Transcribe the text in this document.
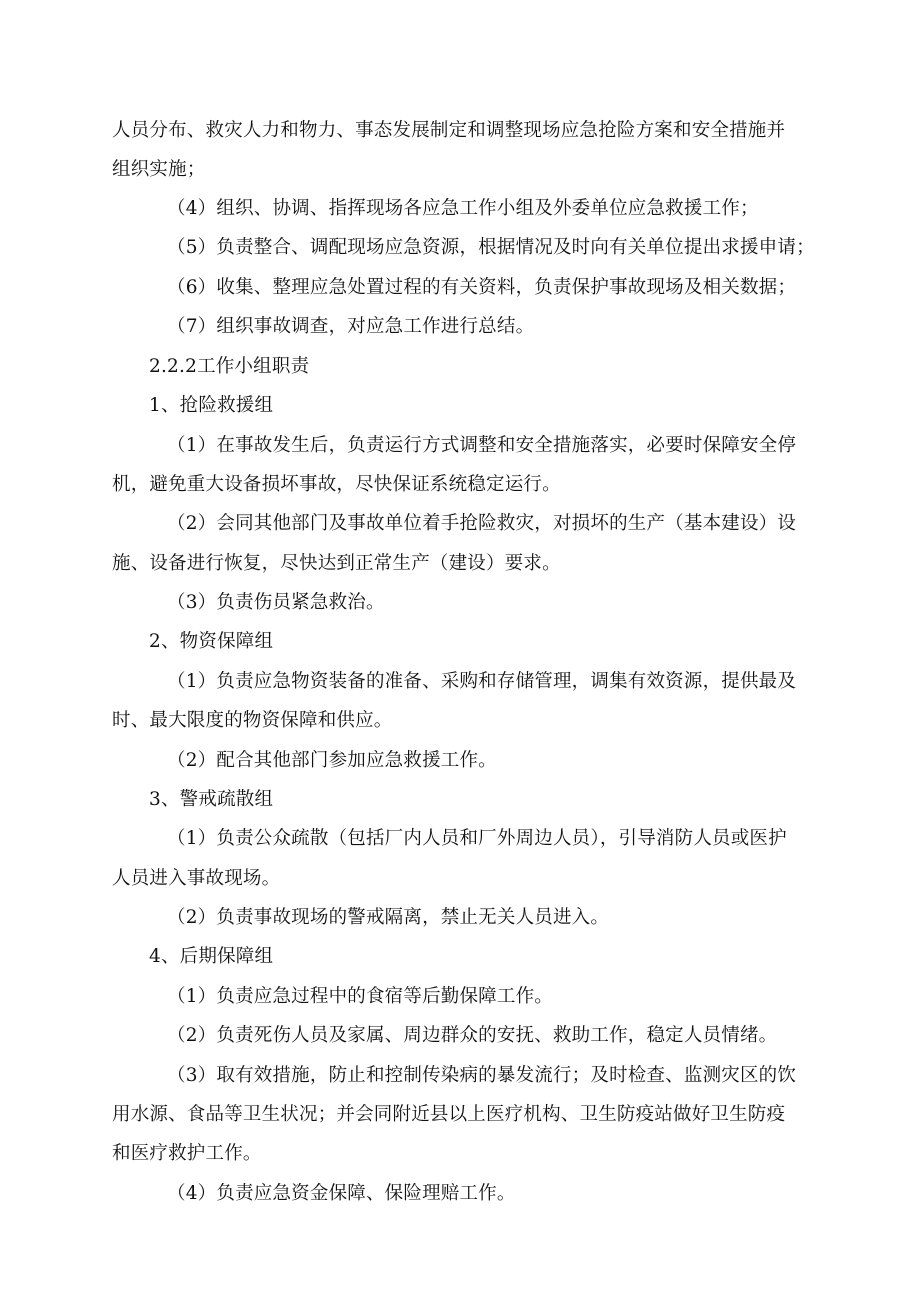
人员分布、救灾人力和物力、事态发展制定和调整现场应急抢险方案和安全措施并
组织实施；
（4）组织、协调、指挥现场各应急工作小组及外委单位应急救援工作；
（5）负责整合、调配现场应急资源，根据情况及时向有关单位提出求援申请；
（6）收集、整理应急处置过程的有关资料，负责保护事故现场及相关数据；
（7）组织事故调查，对应急工作进行总结。
2.2.2工作小组职责
1、抢险救援组
（1）在事故发生后，负责运行方式调整和安全措施落实，必要时保障安全停
机，避免重大设备损坏事故，尽快保证系统稳定运行。
（2）会同其他部门及事故单位着手抢险救灾，对损坏的生产（基本建设）设
施、设备进行恢复，尽快达到正常生产（建设）要求。
（3）负责伤员紧急救治。
2、物资保障组
（1）负责应急物资装备的准备、采购和存储管理，调集有效资源，提供最及
时、最大限度的物资保障和供应。
（2）配合其他部门参加应急救援工作。
3、警戒疏散组
（1）负责公众疏散（包括厂内人员和厂外周边人员），引导消防人员或医护
人员进入事故现场。
（2）负责事故现场的警戒隔离，禁止无关人员进入。
4、后期保障组
（1）负责应急过程中的食宿等后勤保障工作。
（2）负责死伤人员及家属、周边群众的安抚、救助工作，稳定人员情绪。
（3）取有效措施，防止和控制传染病的暴发流行；及时检查、监测灾区的饮
用水源、食品等卫生状况；并会同附近县以上医疗机构、卫生防疫站做好卫生防疫
和医疗救护工作。
（4）负责应急资金保障、保险理赔工作。
